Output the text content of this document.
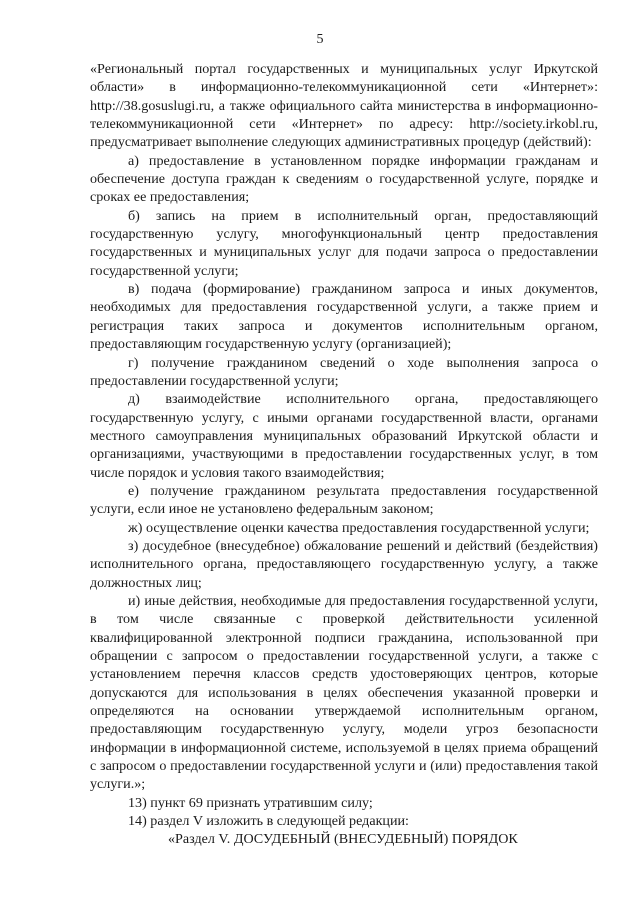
5

«Региональный портал государственных и муниципальных услуг Иркутской области» в информационно-телекоммуникационной сети «Интернет»: http://38.gosuslugi.ru, а также официального сайта министерства в информационно-телекоммуникационной сети «Интернет» по адресу: http://society.irkobl.ru, предусматривает выполнение следующих административных процедур (действий):

а) предоставление в установленном порядке информации гражданам и обеспечение доступа граждан к сведениям о государственной услуге, порядке и сроках ее предоставления;

б) запись на прием в исполнительный орган, предоставляющий государственную услугу, многофункциональный центр предоставления государственных и муниципальных услуг для подачи запроса о предоставлении государственной услуги;

в) подача (формирование) гражданином запроса и иных документов, необходимых для предоставления государственной услуги, а также прием и регистрация таких запроса и документов исполнительным органом, предоставляющим государственную услугу (организацией);

г) получение гражданином сведений о ходе выполнения запроса о предоставлении государственной услуги;

д) взаимодействие исполнительного органа, предоставляющего государственную услугу, с иными органами государственной власти, органами местного самоуправления муниципальных образований Иркутской области и организациями, участвующими в предоставлении государственных услуг, в том числе порядок и условия такого взаимодействия;

е) получение гражданином результата предоставления государственной услуги, если иное не установлено федеральным законом;

ж) осуществление оценки качества предоставления государственной услуги;

з) досудебное (внесудебное) обжалование решений и действий (бездействия) исполнительного органа, предоставляющего государственную услугу, а также должностных лиц;

и) иные действия, необходимые для предоставления государственной услуги, в том числе связанные с проверкой действительности усиленной квалифицированной электронной подписи гражданина, использованной при обращении с запросом о предоставлении государственной услуги, а также с установлением перечня классов средств удостоверяющих центров, которые допускаются для использования в целях обеспечения указанной проверки и определяются на основании утверждаемой исполнительным органом, предоставляющим государственную услугу, модели угроз безопасности информации в информационной системе, используемой в целях приема обращений с запросом о предоставлении государственной услуги и (или) предоставления такой услуги.»;

13) пункт 69 признать утратившим силу;

14) раздел V изложить в следующей редакции:

«Раздел V. ДОСУДЕБНЫЙ (ВНЕСУДЕБНЫЙ) ПОРЯДОК
